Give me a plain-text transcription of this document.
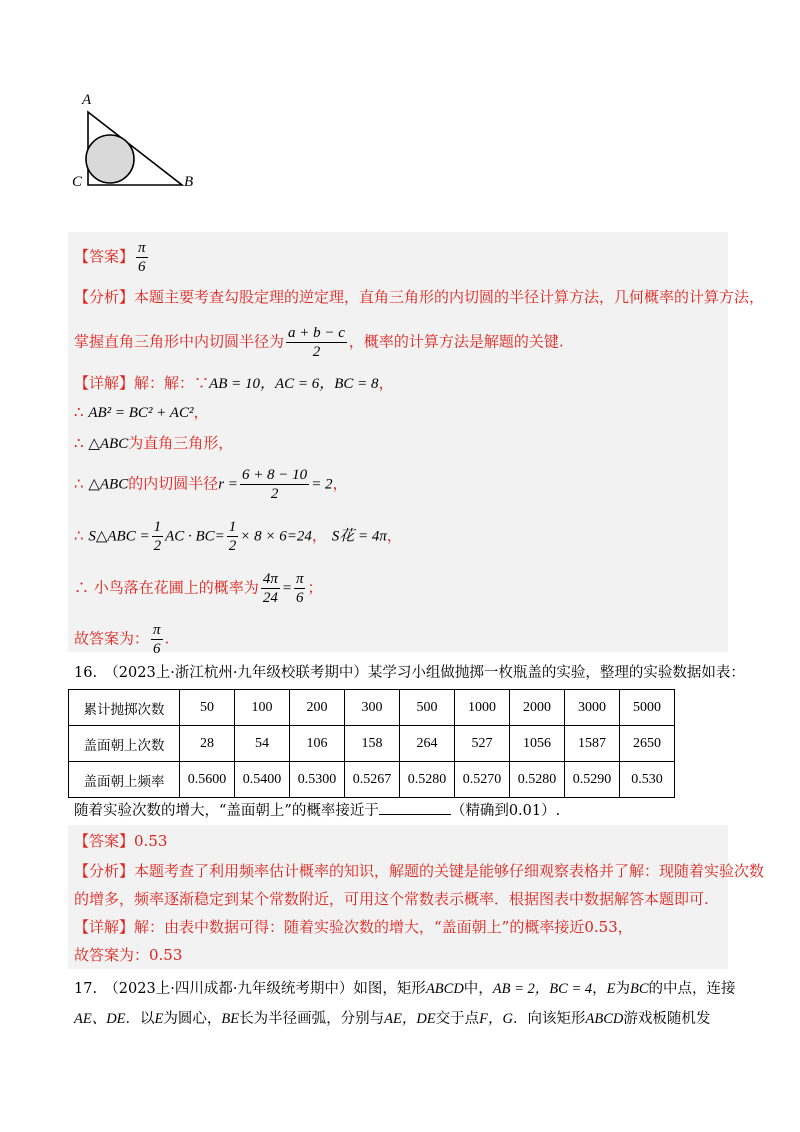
A
C	B
【答案】 $\frac{\pi}{6}$
【分析】本题主要考查勾股定理的逆定理，直角三角形的内切圆的半径计算方法，几何概率的计算方法，
掌握直角三角形中内切圆半径为 $\frac{a + b - c}{2}$ ，概率的计算方法是解题的关键.
【详解】解：解：∵AB = 10，AC = 6，BC = 8，
∴ AB² = BC² + AC²，
∴ △ABC为直角三角形，
∴ △ABC的内切圆半径$r = \frac{6 + 8 - 10}{2} = 2$，
∴ S△ABC = $\frac{1}{2}$ AC · $BC= \frac{1}{2} \times 8 \times 6=24$， S花 = 4π，
∴ 小鸟落在花圃上的概率为 $\frac{4\pi}{24} = \frac{\pi}{6}$ ；
故答案为： $\frac{\pi}{6}$ .
16.　（2023上·浙江杭州·九年级校联考期中）某学习小组做抛掷一枚瓶盖的实验，整理的实验数据如表：
累计抛掷次数	50	100	200	300	500	1000	2000	3000	5000
盖面朝上次数	28	54	106	158	264	527	1056	1587	2650
盖面朝上频率	0.5600	0.5400	0.5300	0.5267	0.5280	0.5270	0.5280	0.5290	0.530
随着实验次数的增大，“盖面朝上”的概率接近于	（精确到0.01）.
【答案】0.53
【分析】本题考查了利用频率估计概率的知识，解题的关键是能够仔细观察表格并了解：现随着实验次数
的增多，频率逐渐稳定到某个常数附近，可用这个常数表示概率．根据图表中数据解答本题即可.
【详解】解：由表中数据可得：随着实验次数的增大，“盖面朝上”的概率接近0.53，
故答案为：0.53
17.　（2023上·四川成都·九年级统考期中）如图，矩形ABCD中，AB = 2，BC = 4，E为BC的中点，连接
AE、DE．以E为圆心，BE长为半径画弧，分别与AE，DE交于点F，G．向该矩形ABCD游戏板随机发
